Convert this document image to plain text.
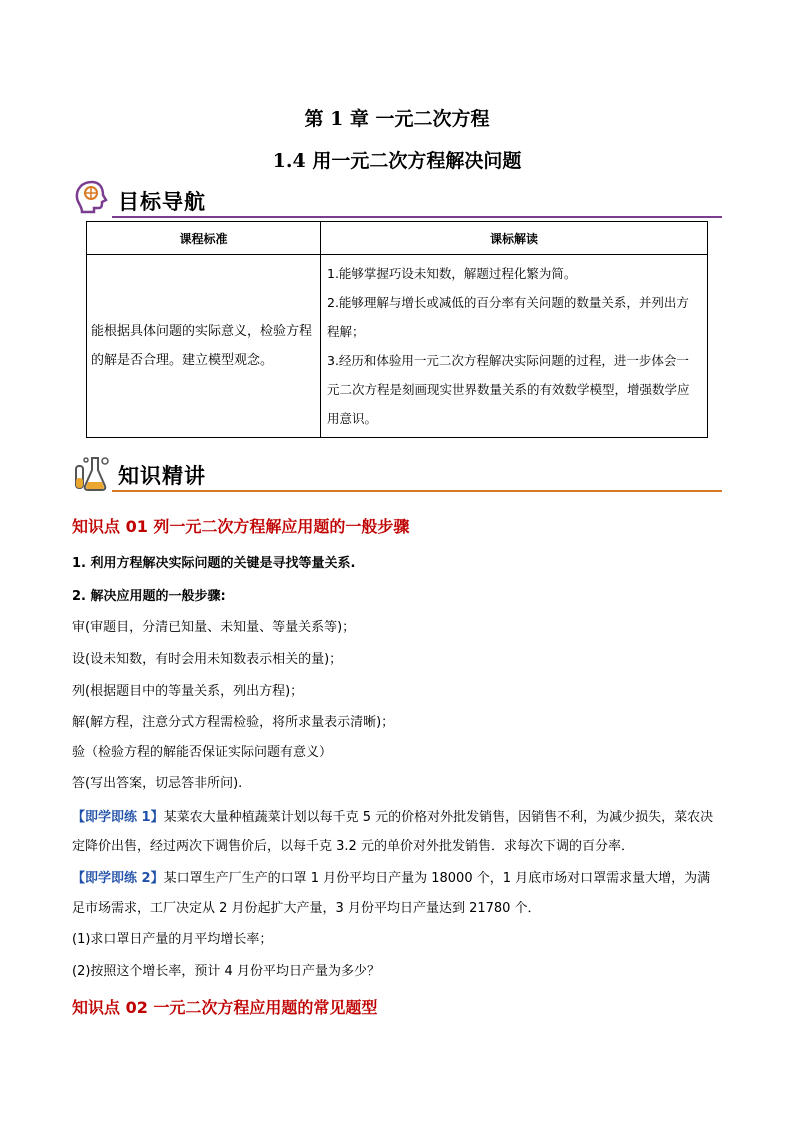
第 1 章 一元二次方程
1.4 用一元二次方程解决问题
目标导航
课程标准	课标解读
能根据具体问题的实际意义，检验方程的解是否合理。建立模型观念。	1.能够掌握巧设未知数，解题过程化繁为简。
2.能够理解与增长或减低的百分率有关问题的数量关系，并列出方程解；
3.经历和体验用一元二次方程解决实际问题的过程，进一步体会一元二次方程是刻画现实世界数量关系的有效数学模型，增强数学应用意识。
知识精讲
知识点 01 列一元二次方程解应用题的一般步骤
1. 利用方程解决实际问题的关键是寻找等量关系.
2. 解决应用题的一般步骤:
审(审题目，分清已知量、未知量、等量关系等)；
设(设未知数，有时会用未知数表示相关的量)；
列(根据题目中的等量关系，列出方程)；
解(解方程，注意分式方程需检验，将所求量表示清晰)；
验（检验方程的解能否保证实际问题有意义）
答(写出答案，切忌答非所问).
【即学即练 1】某菜农大量种植蔬菜计划以每千克 5 元的价格对外批发销售，因销售不利，为减少损失，菜农决定降价出售，经过两次下调售价后，以每千克 3.2 元的单价对外批发销售．求每次下调的百分率．
【即学即练 2】某口罩生产厂生产的口罩 1 月份平均日产量为 18000 个，1 月底市场对口罩需求量大增，为满足市场需求，工厂决定从 2 月份起扩大产量，3 月份平均日产量达到 21780 个．
(1)求口罩日产量的月平均增长率；
(2)按照这个增长率，预计 4 月份平均日产量为多少？
知识点 02 一元二次方程应用题的常见题型
